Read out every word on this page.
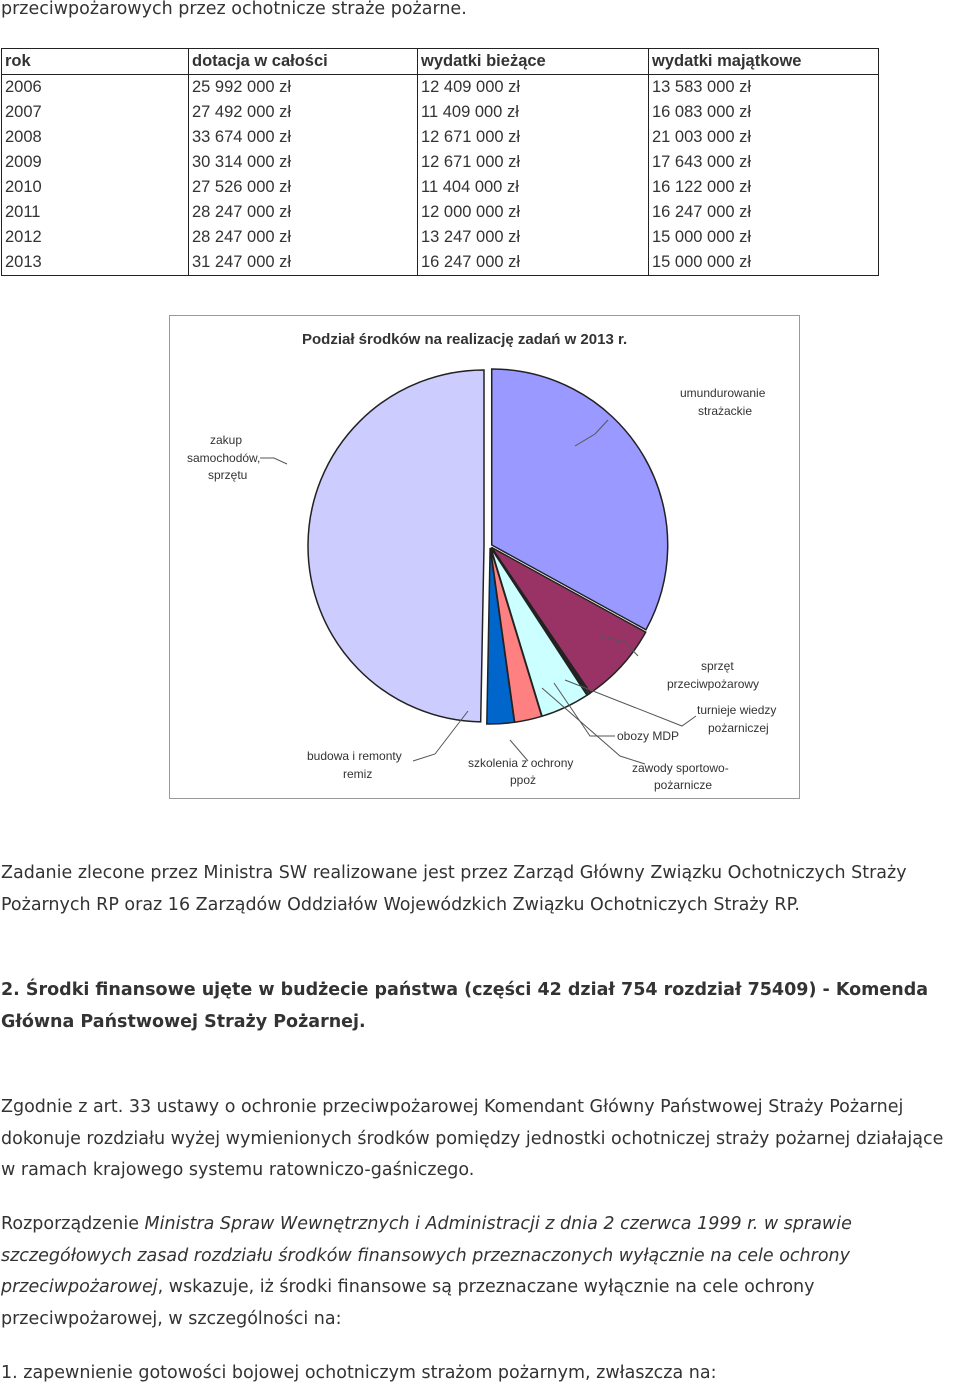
przeciwpożarowych przez ochotnicze straże pożarne.

rok	dotacja w całości	wydatki bieżące	wydatki majątkowe
2006	25 992 000 zł	12 409 000 zł	13 583 000 zł
2007	27 492 000 zł	11 409 000 zł	16 083 000 zł
2008	33 674 000 zł	12 671 000 zł	21 003 000 zł
2009	30 314 000 zł	12 671 000 zł	17 643 000 zł
2010	27 526 000 zł	11 404 000 zł	16 122 000 zł
2011	28 247 000 zł	12 000 000 zł	16 247 000 zł
2012	28 247 000 zł	13 247 000 zł	15 000 000 zł
2013	31 247 000 zł	16 247 000 zł	15 000 000 zł
Podział środków na realizację zadań w 2013 r.
umundurowanie strażackie
zakup samochodów, sprzętu
sprzęt przeciwpożarowy
turnieje wiedzy pożarniczej
obozy MDP
zawody sportowo- pożarnicze
szkolenia z ochrony ppoż
budowa i remonty remiz

Zadanie zlecone przez Ministra SW realizowane jest przez Zarząd Główny Związku Ochotniczych Straży Pożarnych RP oraz 16 Zarządów Oddziałów Wojewódzkich Związku Ochotniczych Straży RP.

2. Środki finansowe ujęte w budżecie państwa (części 42 dział 754 rozdział 75409) - Komenda Główna Państwowej Straży Pożarnej.

Zgodnie z art. 33 ustawy o ochronie przeciwpożarowej Komendant Główny Państwowej Straży Pożarnej dokonuje rozdziału wyżej wymienionych środków pomiędzy jednostki ochotniczej straży pożarnej działające w ramach krajowego systemu ratowniczo-gaśniczego.

Rozporządzenie Ministra Spraw Wewnętrznych i Administracji z dnia 2 czerwca 1999 r. w sprawie szczegółowych zasad rozdziału środków finansowych przeznaczonych wyłącznie na cele ochrony przeciwpożarowej, wskazuje, iż środki finansowe są przeznaczane wyłącznie na cele ochrony przeciwpożarowej, w szczególności na:

1. zapewnienie gotowości bojowej ochotniczym strażom pożarnym, zwłaszcza na:
